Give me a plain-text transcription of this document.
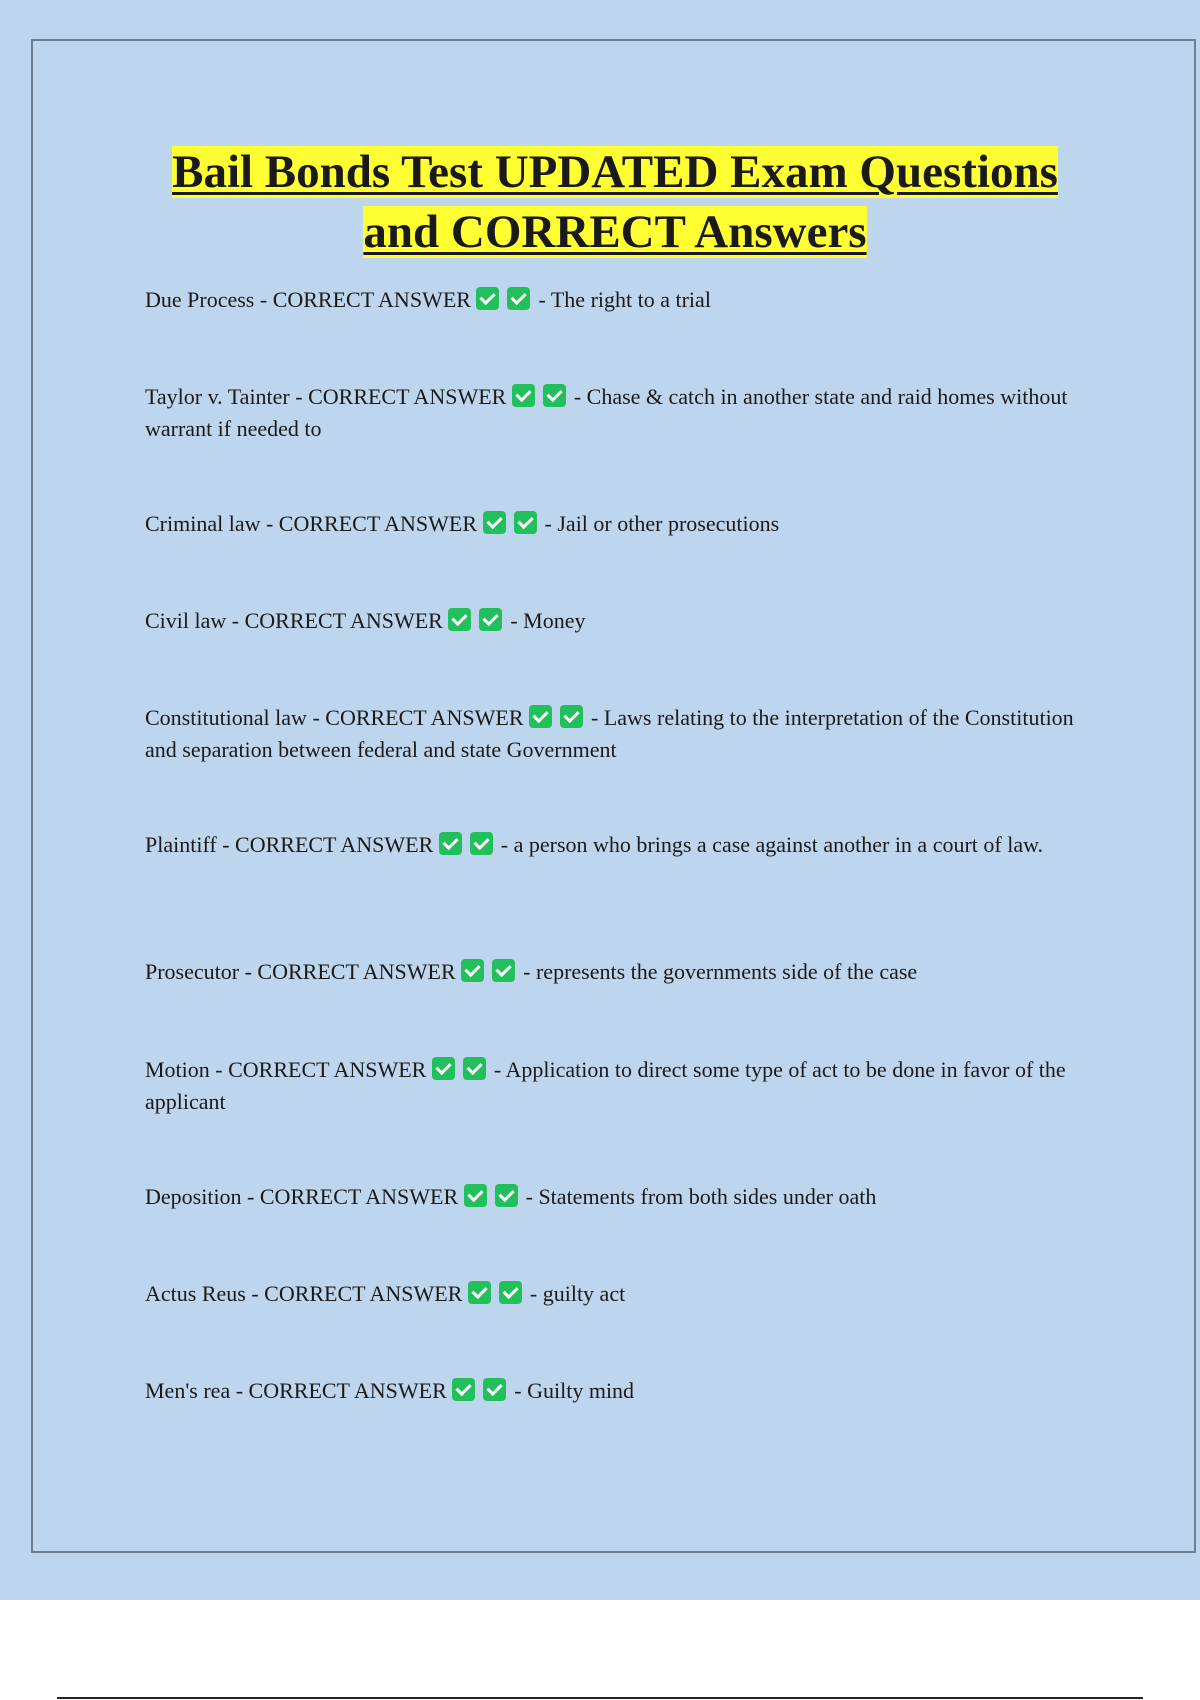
Bail Bonds Test UPDATED Exam Questions
and CORRECT Answers
Due Process - CORRECT ANSWER	- The right to a trial
Taylor v. Tainter - CORRECT ANSWER	- Chase & catch in another state and raid homes without warrant if needed to
Criminal law - CORRECT ANSWER	- Jail or other prosecutions
Civil law - CORRECT ANSWER	- Money
Constitutional law - CORRECT ANSWER	- Laws relating to the interpretation of the Constitution and separation between federal and state Government
Plaintiff - CORRECT ANSWER	- a person who brings a case against another in a court of law.
Prosecutor - CORRECT ANSWER	- represents the governments side of the case
Motion - CORRECT ANSWER	- Application to direct some type of act to be done in favor of the applicant
Deposition - CORRECT ANSWER	- Statements from both sides under oath
Actus Reus - CORRECT ANSWER	- guilty act
Men's rea - CORRECT ANSWER	- Guilty mind
